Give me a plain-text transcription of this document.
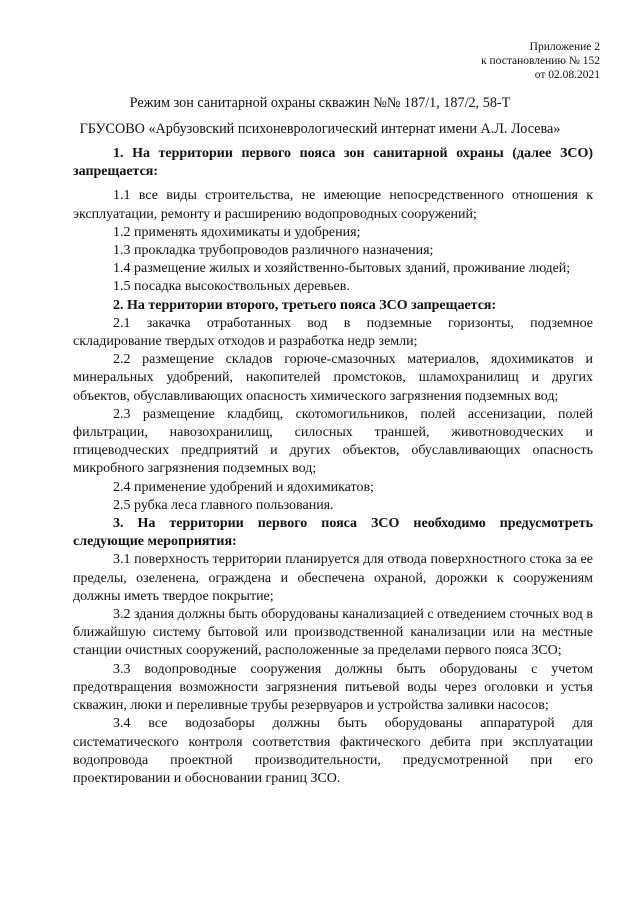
Приложение 2
к постановлению № 152
от 02.08.2021
Режим зон санитарной охраны скважин №№ 187/1, 187/2, 58-Т
ГБУСОВО «Арбузовский психоневрологический интернат имени А.Л. Лосева»

1. На территории первого пояса зон санитарной охраны (далее ЗСО) запрещается:

1.1 все виды строительства, не имеющие непосредственного отношения к эксплуатации, ремонту и расширению водопроводных сооружений;

1.2 применять ядохимикаты и удобрения;

1.3 прокладка трубопроводов различного назначения;

1.4 размещение жилых и хозяйственно-бытовых зданий, проживание людей;

1.5 посадка высокоствольных деревьев.

2. На территории второго, третьего пояса ЗСО запрещается:

2.1 закачка отработанных вод в подземные горизонты, подземное складирование твердых отходов и разработка недр земли;

2.2 размещение складов горюче-смазочных материалов, ядохимикатов и минеральных удобрений, накопителей промстоков, шламохранилищ и других объектов, обуславливающих опасность химического загрязнения подземных вод;

2.3 размещение кладбищ, скотомогильников, полей ассенизации, полей фильтрации, навозохранилищ, силосных траншей, животноводческих и птицеводческих предприятий и других объектов, обуславливающих опасность микробного загрязнения подземных вод;

2.4 применение удобрений и ядохимикатов;

2.5 рубка леса главного пользования.

3. На территории первого пояса ЗСО необходимо предусмотреть следующие мероприятия:

3.1 поверхность территории планируется для отвода поверхностного стока за ее пределы, озеленена, ограждена и обеспечена охраной, дорожки к сооружениям должны иметь твердое покрытие;

3.2 здания должны быть оборудованы канализацией с отведением сточных вод в ближайшую систему бытовой или производственной канализации или на местные станции очистных сооружений, расположенные за пределами первого пояса ЗСО;

3.3 водопроводные сооружения должны быть оборудованы с учетом предотвращения возможности загрязнения питьевой воды через оголовки и устья скважин, люки и переливные трубы резервуаров и устройства заливки насосов;

3.4 все водозаборы должны быть оборудованы аппаратурой для систематического контроля соответствия фактического дебита при эксплуатации водопровода проектной производительности, предусмотренной при его проектировании и обосновании границ ЗСО.
